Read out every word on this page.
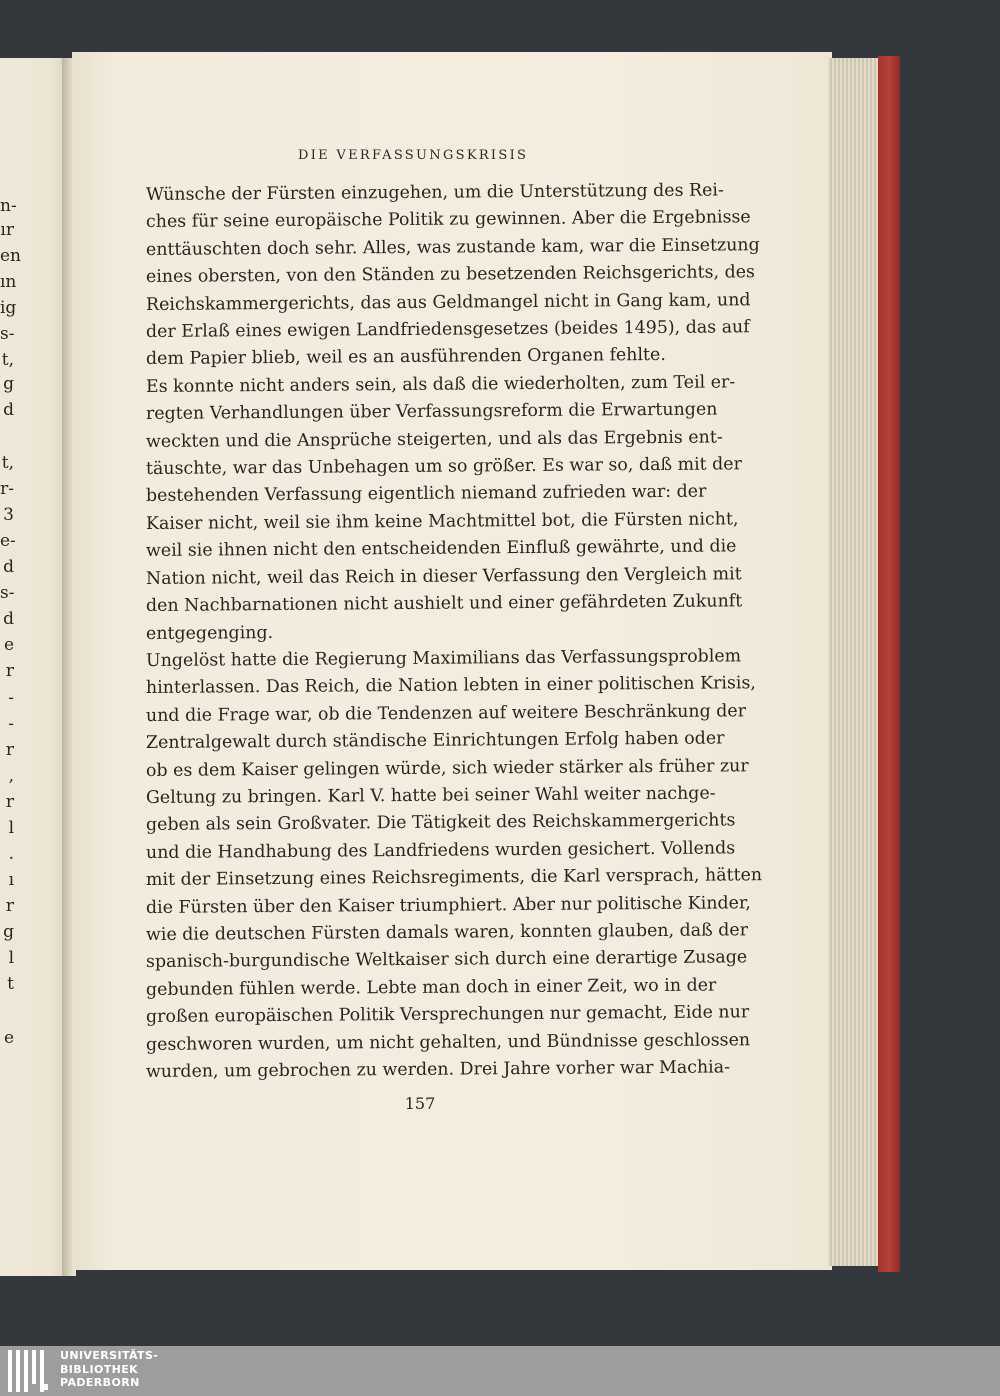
n-
ır
en
ın
ig
s-
t,
g
d
t,
r-
3
e-
d
s-
d
e
r
-
-
r
,
r
l
.
ı
r
g
l
t
e
DIE VERFASSUNGSKRISIS
Wünsche der Fürsten einzugehen, um die Unterstützung des Rei-
ches für seine europäische Politik zu gewinnen. Aber die Ergebnisse
enttäuschten doch sehr. Alles, was zustande kam, war die Einsetzung
eines obersten, von den Ständen zu besetzenden Reichsgerichts, des
Reichskammergerichts, das aus Geldmangel nicht in Gang kam, und
der Erlaß eines ewigen Landfriedensgesetzes (beides 1495), das auf
dem Papier blieb, weil es an ausführenden Organen fehlte.
Es konnte nicht anders sein, als daß die wiederholten, zum Teil er-
regten Verhandlungen über Verfassungsreform die Erwartungen
weckten und die Ansprüche steigerten, und als das Ergebnis ent-
täuschte, war das Unbehagen um so größer. Es war so, daß mit der
bestehenden Verfassung eigentlich niemand zufrieden war: der
Kaiser nicht, weil sie ihm keine Machtmittel bot, die Fürsten nicht,
weil sie ihnen nicht den entscheidenden Einfluß gewährte, und die
Nation nicht, weil das Reich in dieser Verfassung den Vergleich mit
den Nachbarnationen nicht aushielt und einer gefährdeten Zukunft
entgegenging.
Ungelöst hatte die Regierung Maximilians das Verfassungsproblem
hinterlassen. Das Reich, die Nation lebten in einer politischen Krisis,
und die Frage war, ob die Tendenzen auf weitere Beschränkung der
Zentralgewalt durch ständische Einrichtungen Erfolg haben oder
ob es dem Kaiser gelingen würde, sich wieder stärker als früher zur
Geltung zu bringen. Karl V. hatte bei seiner Wahl weiter nachge-
geben als sein Großvater. Die Tätigkeit des Reichskammergerichts
und die Handhabung des Landfriedens wurden gesichert. Vollends
mit der Einsetzung eines Reichsregiments, die Karl versprach, hätten
die Fürsten über den Kaiser triumphiert. Aber nur politische Kinder,
wie die deutschen Fürsten damals waren, konnten glauben, daß der
spanisch-burgundische Weltkaiser sich durch eine derartige Zusage
gebunden fühlen werde. Lebte man doch in einer Zeit, wo in der
großen europäischen Politik Versprechungen nur gemacht, Eide nur
geschworen wurden, um nicht gehalten, und Bündnisse geschlossen
wurden, um gebrochen zu werden. Drei Jahre vorher war Machia-
157
UNIVERSITÄTS-
BIBLIOTHEK
PADERBORN
